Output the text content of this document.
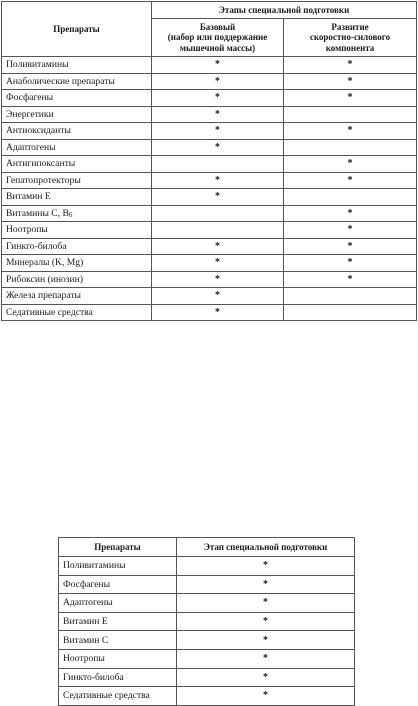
Препараты	Этапы специальной подготовки	
	Базовый
(набор или поддержание
мышечной массы)	Развитие
скоростно-силового
компонента
Поливитамины	*	*
Анаболические препараты	*	*
Фосфагены	*	*
Энергетики	*	
Антиоксиданты	*	*
Адаптогены	*	
Антигипоксанты		*
Гепатопротекторы	*	*
Витамин E	*	
Витамины C, $B_6$		*
Ноотропы		*
Гинкго-билоба	*	*
Минералы (K, Mg)	*	*
Рибоксин (инозин)	*	*
Железа препараты	*	
Седативные средства	*	
Препараты	Этап специальной подготовки
Поливитамины	*
Фосфагены	*
Адаптогены	*
Витамин E	*
Витамин C	*
Ноотропы	*
Гинкто-билоба	*
Седативные средства	*
